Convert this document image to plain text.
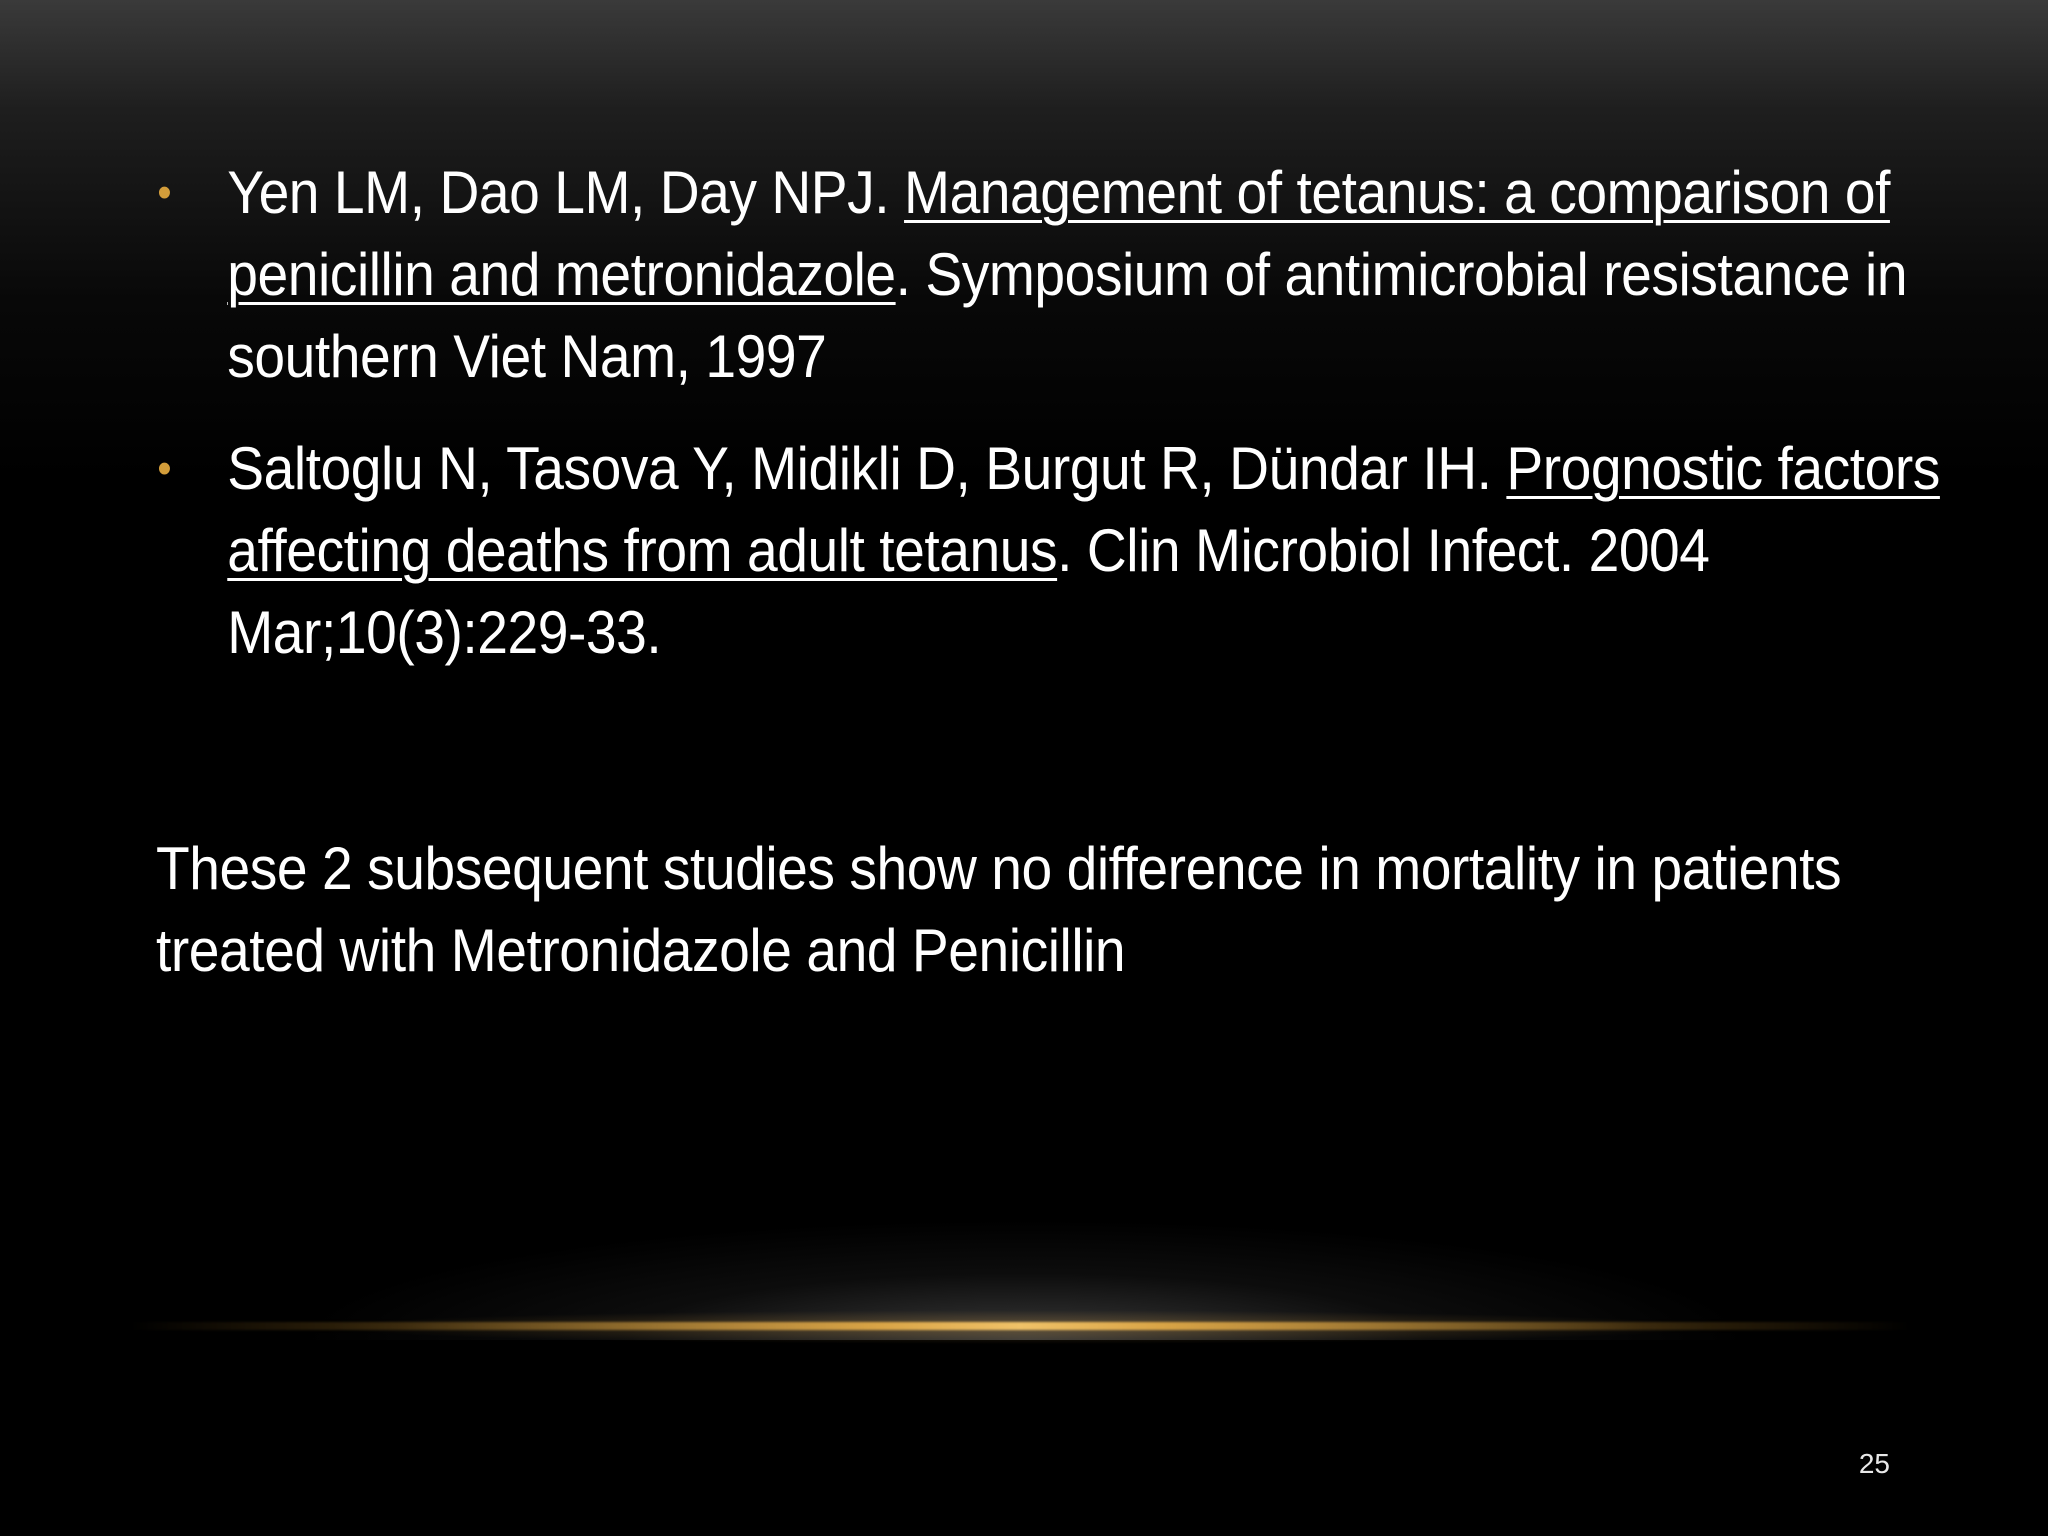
• Yen LM, Dao LM, Day NPJ. Management of tetanus: a comparison of penicillin and metronidazole. Symposium of antimicrobial resistance in southern Viet Nam, 1997
• Saltoglu N, Tasova Y, Midikli D, Burgut R, Dündar IH. Prognostic factors affecting deaths from adult tetanus. Clin Microbiol Infect. 2004 Mar;10(3):229-33.

These 2 subsequent studies show no difference in mortality in patients treated with Metronidazole and Penicillin

25
